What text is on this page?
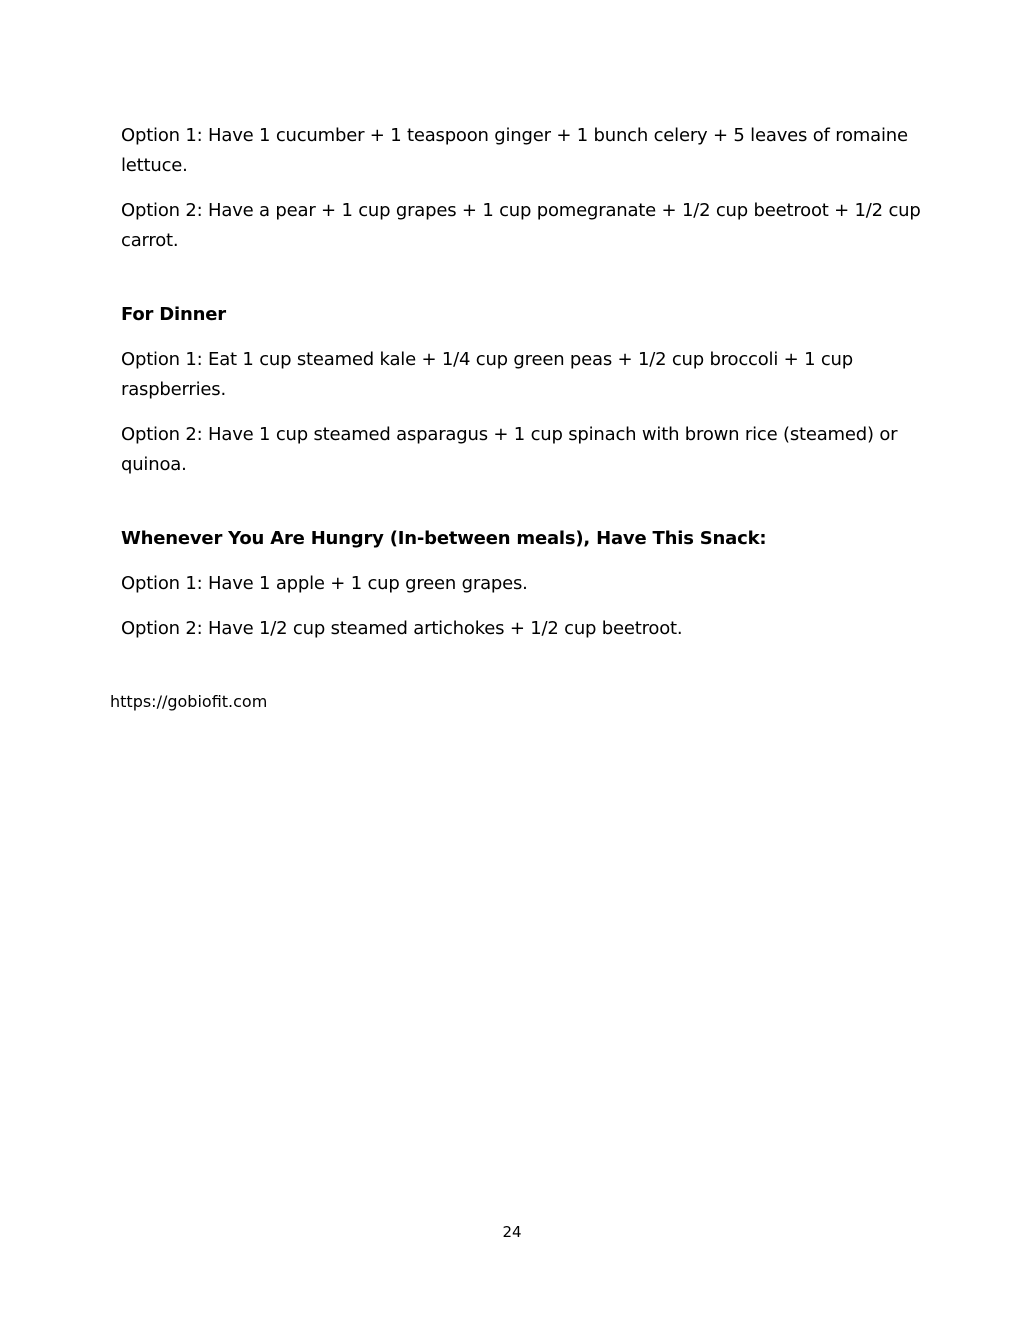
Option 1: Have 1 cucumber + 1 teaspoon ginger + 1 bunch celery + 5 leaves of romaine lettuce.

Option 2: Have a pear + 1 cup grapes + 1 cup pomegranate + 1/2 cup beetroot + 1/2 cup carrot.

For Dinner

Option 1: Eat 1 cup steamed kale + 1/4 cup green peas + 1/2 cup broccoli + 1 cup raspberries.

Option 2: Have 1 cup steamed asparagus + 1 cup spinach with brown rice (steamed) or quinoa.

Whenever You Are Hungry (In-between meals), Have This Snack:

Option 1: Have 1 apple + 1 cup green grapes.

Option 2: Have 1/2 cup steamed artichokes + 1/2 cup beetroot.

https://gobiofit.com
24
